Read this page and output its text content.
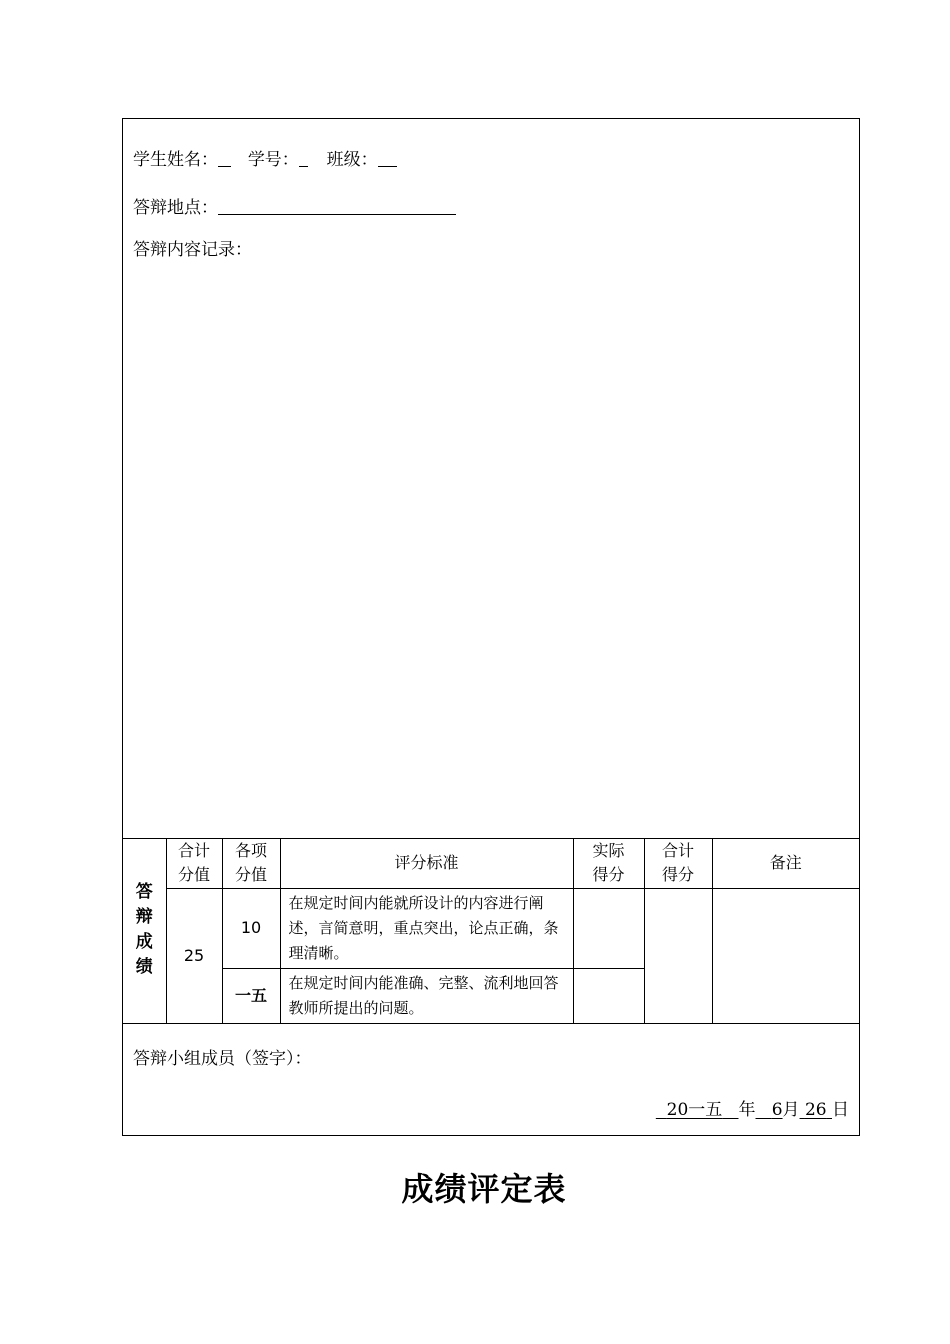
学生姓名： 学号： 班级：
答辩地点：
答辩内容记录：
答辩成绩	合计分值	各项分值	评分标准	实际得分	合计得分	备注
	25	10	在规定时间内能就所设计的内容进行阐述，言简意明，重点突出，论点正确，条理清晰。			
		一五	在规定时间内能准确、完整、流利地回答教师所提出的问题。			
答辩小组成员（签字）：
20一五 年 6月 26 日
成绩评定表
